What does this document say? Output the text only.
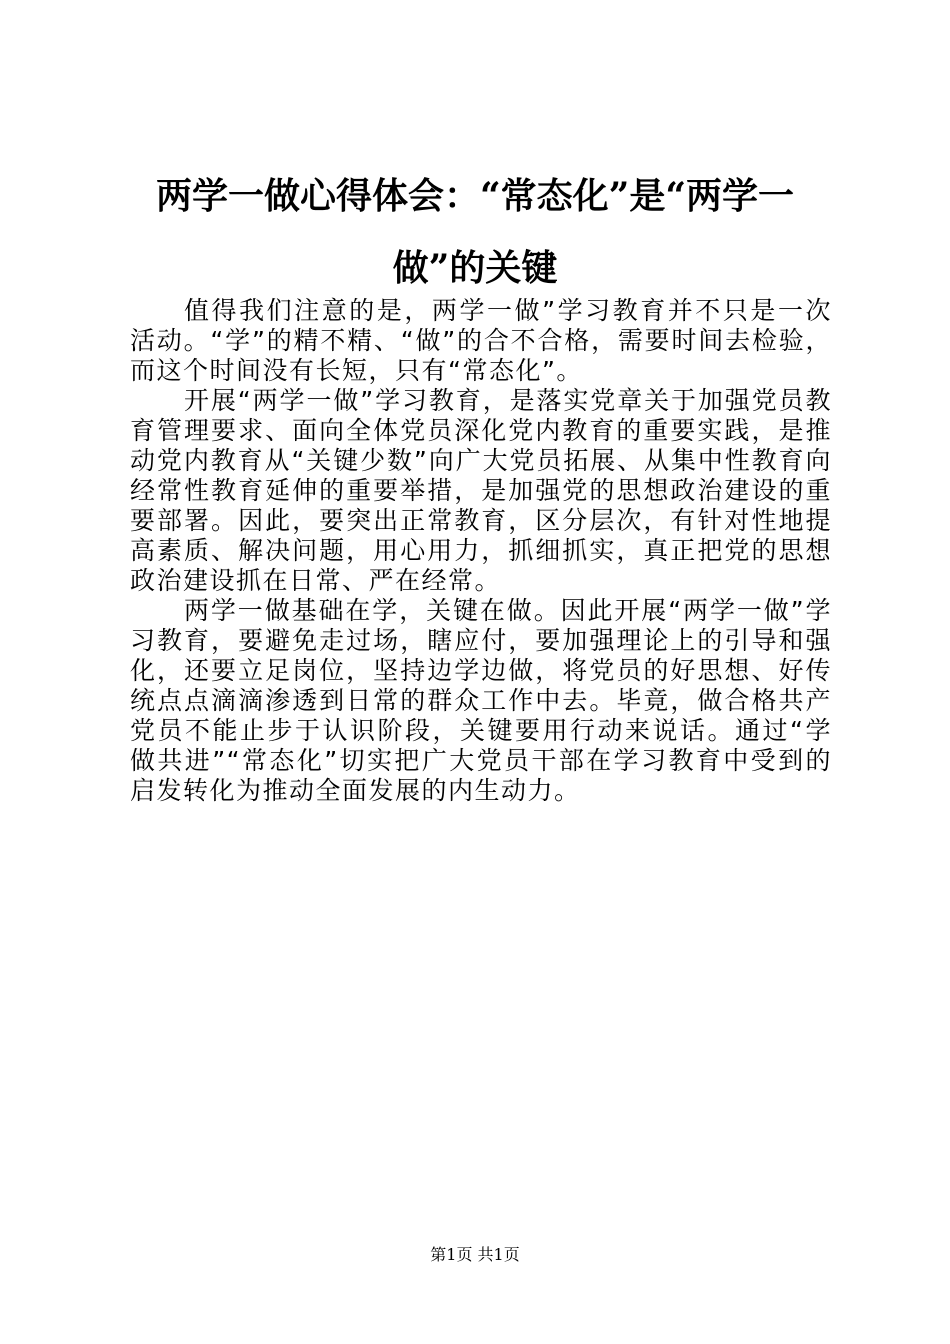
两学一做心得体会：“常态化”是“两学一做”的关键

值得我们注意的是，两学一做”学习教育并不只是一次活动。“学”的精不精、“做”的合不合格，需要时间去检验，而这个时间没有长短，只有“常态化”。

开展“两学一做”学习教育，是落实党章关于加强党员教育管理要求、面向全体党员深化党内教育的重要实践，是推动党内教育从“关键少数”向广大党员拓展、从集中性教育向经常性教育延伸的重要举措，是加强党的思想政治建设的重要部署。因此，要突出正常教育，区分层次，有针对性地提高素质、解决问题，用心用力，抓细抓实，真正把党的思想政治建设抓在日常、严在经常。

两学一做基础在学，关键在做。因此开展“两学一做”学习教育，要避免走过场，瞎应付，要加强理论上的引导和强化，还要立足岗位，坚持边学边做，将党员的好思想、好传统点点滴滴渗透到日常的群众工作中去。毕竟，做合格共产党员不能止步于认识阶段，关键要用行动来说话。通过“学做共进”“常态化”切实把广大党员干部在学习教育中受到的启发转化为推动全面发展的内生动力。

第1页 共1页
